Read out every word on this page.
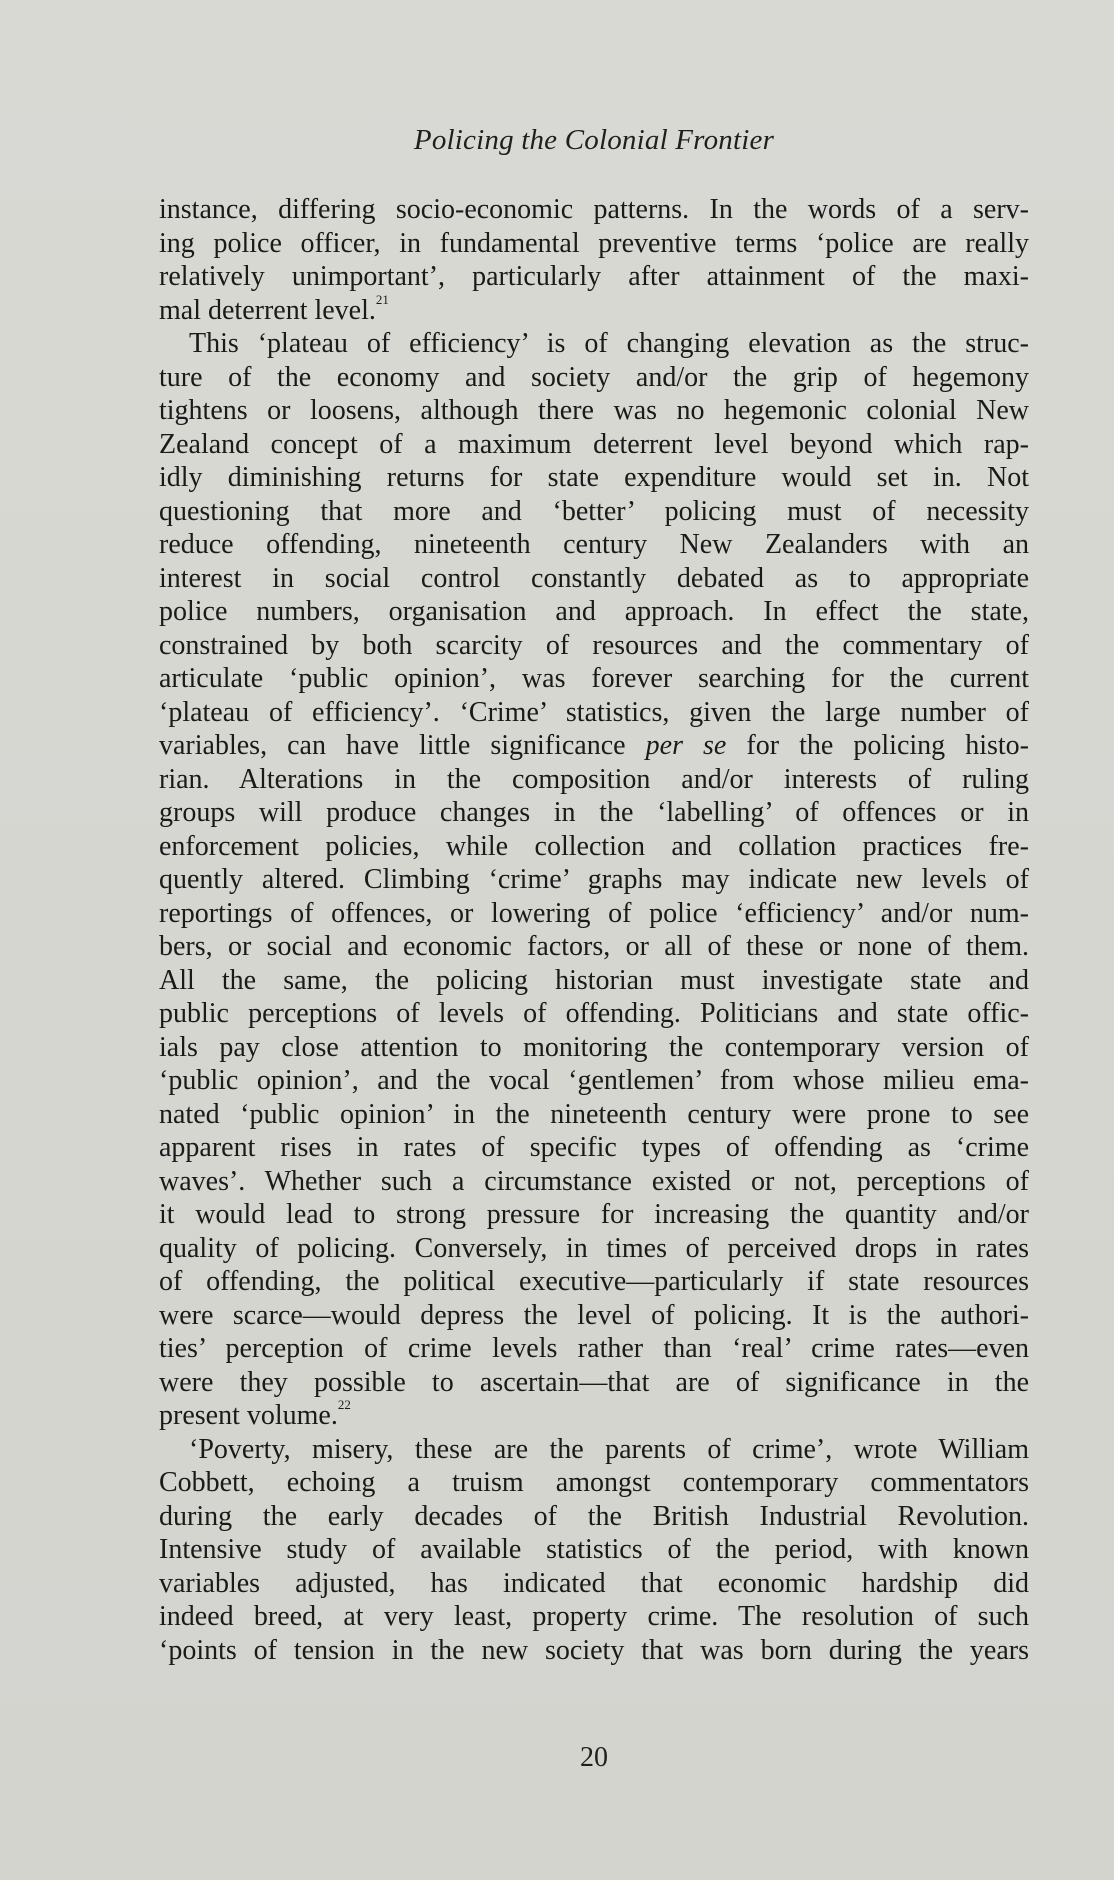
Policing the Colonial Frontier
instance, differing socio-economic patterns. In the words of a serv-
ing police officer, in fundamental preventive terms ‘police are really
relatively unimportant’, particularly after attainment of the maxi-
mal deterrent level.$^{21}$
This ‘plateau of efficiency’ is of changing elevation as the struc-
ture of the economy and society and/or the grip of hegemony
tightens or loosens, although there was no hegemonic colonial New
Zealand concept of a maximum deterrent level beyond which rap-
idly diminishing returns for state expenditure would set in. Not
questioning that more and ‘better’ policing must of necessity
reduce offending, nineteenth century New Zealanders with an
interest in social control constantly debated as to appropriate
police numbers, organisation and approach. In effect the state,
constrained by both scarcity of resources and the commentary of
articulate ‘public opinion’, was forever searching for the current
‘plateau of efficiency’. ‘Crime’ statistics, given the large number of
variables, can have little significance per se for the policing histo-
rian. Alterations in the composition and/or interests of ruling
groups will produce changes in the ‘labelling’ of offences or in
enforcement policies, while collection and collation practices fre-
quently altered. Climbing ‘crime’ graphs may indicate new levels of
reportings of offences, or lowering of police ‘efficiency’ and/or num-
bers, or social and economic factors, or all of these or none of them.
All the same, the policing historian must investigate state and
public perceptions of levels of offending. Politicians and state offic-
ials pay close attention to monitoring the contemporary version of
‘public opinion’, and the vocal ‘gentlemen’ from whose milieu ema-
nated ‘public opinion’ in the nineteenth century were prone to see
apparent rises in rates of specific types of offending as ‘crime
waves’. Whether such a circumstance existed or not, perceptions of
it would lead to strong pressure for increasing the quantity and/or
quality of policing. Conversely, in times of perceived drops in rates
of offending, the political executive—particularly if state resources
were scarce—would depress the level of policing. It is the authori-
ties’ perception of crime levels rather than ‘real’ crime rates—even
were they possible to ascertain—that are of significance in the
present volume.$^{22}$
‘Poverty, misery, these are the parents of crime’, wrote William
Cobbett, echoing a truism amongst contemporary commentators
during the early decades of the British Industrial Revolution.
Intensive study of available statistics of the period, with known
variables adjusted, has indicated that economic hardship did
indeed breed, at very least, property crime. The resolution of such
‘points of tension in the new society that was born during the years
20
